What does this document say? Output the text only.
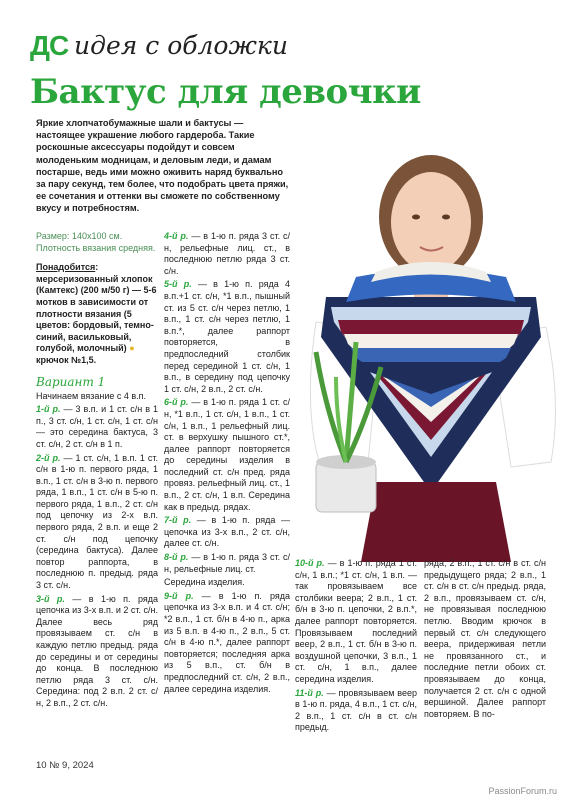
ДС идея с обложки
Бактус для девочки
Яркие хлопчатобумажные шали и бактусы — настоящее украшение любого гардероба. Такие роскошные аксессуары подойдут и совсем молоденьким модницам, и деловым леди, и дамам постарше, ведь ими можно оживить наряд буквально за пару секунд, тем более, что подобрать цвета пряжи, ее сочетания и оттенки вы сможете по собственному вкусу и потребностям.

Размер: 140х100 см. Плотность вязания средняя.

Понадобится: мерсеризованный хлопок (Камтекс) (200 м/50 г) — 5-6 мотков в зависимости от плотности вязания (5 цветов: бордовый, темно-синий, васильковый, голубой, молочный) ● крючок №1,5.

Вариант 1

Начинаем вязание с 4 в.п.

1-й р. — 3 в.п. и 1 ст. с/н в 1 п., 3 ст. с/н, 1 ст. с/н, 1 ст. с/н — это середина бактуса, 3 ст. с/н, 2 ст. с/н в 1 п.

2-й р. — 1 ст. с/н, 1 в.п. 1 ст. с/н в 1-ю п. первого ряда, 1 в.п., 1 ст. с/н в 3-ю п. первого ряда, 1 в.п., 1 ст. с/н в 5-ю п. первого ряда, 1 в.п., 2 ст. с/н под цепочку из 2-х в.п. первого ряда, 2 в.п. и еще 2 ст. с/н под цепочку (середина бактуса). Далее повтор раппорта, в последнюю п. предыд. ряда 3 ст. с/н.

3-й р. — в 1-ю п. ряда цепочка из 3-х в.п. и 2 ст. с/н. Далее весь ряд провязываем ст. с/н в каждую петлю предыд. ряда до середины и от середины до конца. В последнюю петлю ряда 3 ст. с/н. Середина: под 2 в.п. 2 ст. с/н, 2 в.п., 2 ст. с/н.

4-й р. — в 1-ю п. ряда 3 ст. с/н, рельефные лиц. ст., в последнюю петлю ряда 3 ст. с/н.

5-й р. — в 1-ю п. ряда 4 в.п.+1 ст. с/н, *1 в.п., пышный ст. из 5 ст. с/н через петлю, 1 в.п., 1 ст. с/н через петлю, 1 в.п.*, далее раппорт повторяется, в предпоследний столбик перед серединой 1 ст. с/н, 1 в.п., в середину под цепочку 1 ст. с/н, 2 в.п., 2 ст. с/н.

6-й р. — в 1-ю п. ряда 1 ст. с/н, *1 в.п., 1 ст. с/н, 1 в.п., 1 ст. с/н, 1 в.п., 1 рельефный лиц. ст. в верхушку пышного ст.*, далее раппорт повторяется до середины изделия в последний ст. с/н пред. ряда провяз. рельефный лиц. ст., 1 в.п., 2 ст. с/н, 1 в.п. Середина как в предыд. рядах.

7-й р. — в 1-ю п. ряда — цепочка из 3-х в.п., 2 ст. с/н, далее ст. с/н.

8-й р. — в 1-ю п. ряда 3 ст. с/н, рельефные лиц. ст.

Середина изделия.

9-й р. — в 1-ю п. ряда цепочка из 3-х в.п. и 4 ст. с/н; *2 в.п., 1 ст. б/н в 4-ю п., арка из 5 в.п. в 4-ю п., 2 в.п., 5 ст. с/н в 4-ю п.*, далее раппорт повторяется; последняя арка из 5 в.п., ст. б/н в предпоследний ст. с/н, 2 в.п., далее середина изделия.

10-й р. — в 1-ю п. ряда 1 ст. с/н, 1 в.п.; *1 ст. с/н, 1 в.п. — так провязываем все столбики веера; 2 в.п., 1 ст. б/н в 3-ю п. цепочки, 2 в.п.*, далее раппорт повторяется. Провязываем последний веер, 2 в.п., 1 ст. б/н в 3-ю п. воздушной цепочки, 3 в.п., 1 ст. с/н, 1 в.п., далее середина изделия.

11-й р. — провязываем веер в 1-ю п. ряда, 4 в.п., 1 ст. с/н, 2 в.п., 1 ст. с/н в ст. с/н предыд.

ряда; 2 в.п., 1 ст. с/н в ст. с/н предыдущего ряда; 2 в.п., 1 ст. с/н в ст. с/н предыд. ряда, 2 в.п., провязываем ст. с/н, не провязывая последнюю петлю. Вводим крючок в первый ст. с/н следующего веера, придерживая петли не провязанного ст., и последние петли обоих ст. провязываем до конца, получается 2 ст. с/н с одной вершиной. Далее раппорт повторяем. В по-

10 № 9, 2024
PassionForum.ru
